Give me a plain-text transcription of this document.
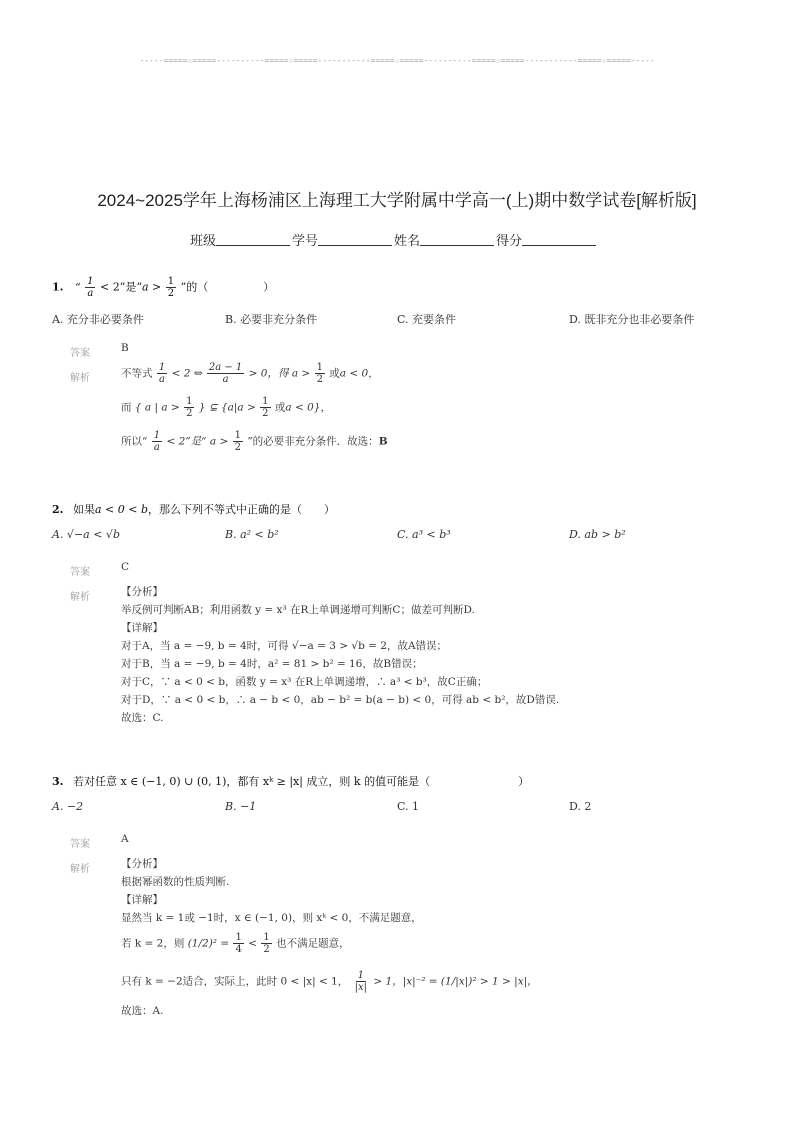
-----=====☆=====----------=====☆=====-----------=====☆=====----------=====☆=====-----------=====☆=====-----
2024~2025学年上海杨浦区上海理工大学附属中学高一(上)期中数学试卷[解析版]
班级	学号	姓名	得分
1. “ $\frac{1}{a} < 2$”是“$a > \frac{1}{2}$ ”的（　　　　　）
A. 充分非必要条件	B. 必要非充分条件	C. 充要条件	D. 既非充分也非必要条件
答案	B
解析	不等式 $\frac{1}{a} < 2$ ⇔ $\frac{2a - 1}{a} > 0$，得 $a > \frac{1}{2}$ 或a < 0，
而 { a | $a > \frac{1}{2}$ } ⊊ {$a|a > \frac{1}{2}$ 或a < 0}，
所以“ $\frac{1}{a} < 2$”是“ $a > \frac{1}{2}$ ”的必要非充分条件．故选：B
2. 如果a < 0 < b，那么下列不等式中正确的是（　　）
A. √−a < √b	B. a² < b²	C. a³ < b³	D. ab > b²
答案	C
解析	【分析】
举反例可判断AB；利用函数 y = x³ 在R上单调递增可判断C；做差可判断D.
【详解】
对于A，当 a = −9, b = 4时，可得 √−a = 3 > √b = 2，故A错误；
对于B，当 a = −9, b = 4时，a² = 81 > b² = 16，故B错误；
对于C，∵ a < 0 < b，函数 y = x³ 在R上单调递增，∴ a³ < b³，故C正确；
对于D，∵ a < 0 < b，∴ a − b < 0，ab − b² = b(a − b) < 0，可得 ab < b²，故D错误.
故选：C.
3. 若对任意 x ∈ (−1, 0) ∪ (0, 1)，都有 xᵏ ≥ |x| 成立，则 k 的值可能是（　　　　　　　　）
A. −2	B. −1	C. 1	D. 2
答案	A
解析	【分析】
根据幂函数的性质判断.
【详解】
显然当 k = 1或 −1时，x ∈ (−1, 0)，则 xᵏ < 0，不满足题意，
若 k = 2，则 $(1/2)^2 = \frac{1}{4} < \frac{1}{2}$ 也不满足题意，
只有 k = −2适合，实际上，此时 0 < |x| < 1， $\frac{1}{|x|} > 1$，|x|⁻² = (1/|x|)² > 1 > |x|，
故选：A.
